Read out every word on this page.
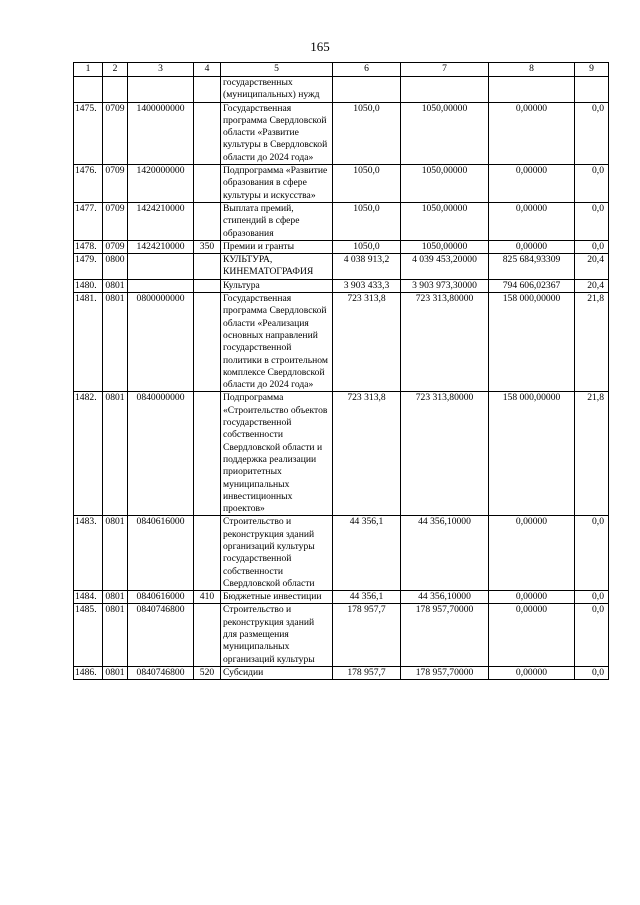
165
1	2	3	4	5	6	7	8	9
				государственных (муниципальных) нужд				
1475.	0709	1400000000		Государственная программа Свердловской области «Развитие культуры в Свердловской области до 2024 года»	1050,0	1050,00000	0,00000	0,0
1476.	0709	1420000000		Подпрограмма «Развитие образования в сфере культуры и искусства»	1050,0	1050,00000	0,00000	0,0
1477.	0709	1424210000		Выплата премий, стипендий в сфере образования	1050,0	1050,00000	0,00000	0,0
1478.	0709	1424210000	350	Премии и гранты	1050,0	1050,00000	0,00000	0,0
1479.	0800			КУЛЬТУРА, КИНЕМАТОГРАФИЯ	4 038 913,2	4 039 453,20000	825 684,93309	20,4
1480.	0801			Культура	3 903 433,3	3 903 973,30000	794 606,02367	20,4
1481.	0801	0800000000		Государственная программа Свердловской области «Реализация основных направлений государственной политики в строительном комплексе Свердловской области до 2024 года»	723 313,8	723 313,80000	158 000,00000	21,8
1482.	0801	0840000000		Подпрограмма «Строительство объектов государственной собственности Свердловской области и поддержка реализации приоритетных муниципальных инвестиционных проектов»	723 313,8	723 313,80000	158 000,00000	21,8
1483.	0801	0840616000		Строительство и реконструкция зданий организаций культуры государственной собственности Свердловской области	44 356,1	44 356,10000	0,00000	0,0
1484.	0801	0840616000	410	Бюджетные инвестиции	44 356,1	44 356,10000	0,00000	0,0
1485.	0801	0840746800		Строительство и реконструкция зданий для размещения муниципальных организаций культуры	178 957,7	178 957,70000	0,00000	0,0
1486.	0801	0840746800	520	Субсидии	178 957,7	178 957,70000	0,00000	0,0
